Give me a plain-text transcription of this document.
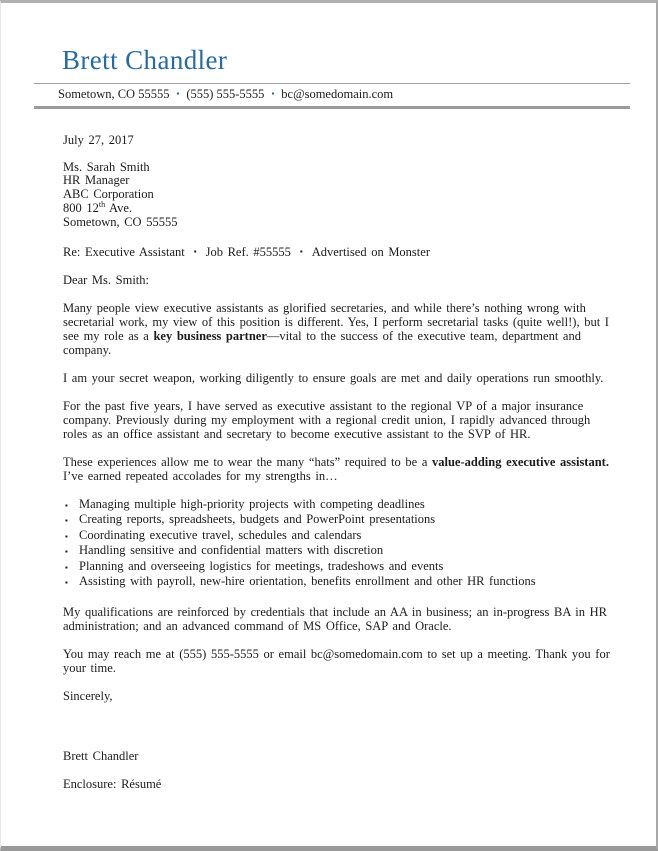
Brett Chandler
Sometown, CO 55555 ▪ (555) 555-5555 ▪ bc@somedomain.com

July 27, 2017

Ms. Sarah Smith
HR Manager
ABC Corporation
800 12th Ave.
Sometown, CO 55555

Re: Executive Assistant ▪ Job Ref. #55555 ▪ Advertised on Monster

Dear Ms. Smith:

Many people view executive assistants as glorified secretaries, and while there’s nothing wrong with secretarial work, my view of this position is different. Yes, I perform secretarial tasks (quite well!), but I see my role as a key business partner—vital to the success of the executive team, department and company.

I am your secret weapon, working diligently to ensure goals are met and daily operations run smoothly.

For the past five years, I have served as executive assistant to the regional VP of a major insurance company. Previously during my employment with a regional credit union, I rapidly advanced through roles as an office assistant and secretary to become executive assistant to the SVP of HR.

These experiences allow me to wear the many “hats” required to be a value-adding executive assistant. I’ve earned repeated accolades for my strengths in…

▪ Managing multiple high-priority projects with competing deadlines
▪ Creating reports, spreadsheets, budgets and PowerPoint presentations
▪ Coordinating executive travel, schedules and calendars
▪ Handling sensitive and confidential matters with discretion
▪ Planning and overseeing logistics for meetings, tradeshows and events
▪ Assisting with payroll, new-hire orientation, benefits enrollment and other HR functions

My qualifications are reinforced by credentials that include an AA in business; an in-progress BA in HR administration; and an advanced command of MS Office, SAP and Oracle.

You may reach me at (555) 555-5555 or email bc@somedomain.com to set up a meeting. Thank you for your time.

Sincerely,

Brett Chandler

Enclosure: Résumé
